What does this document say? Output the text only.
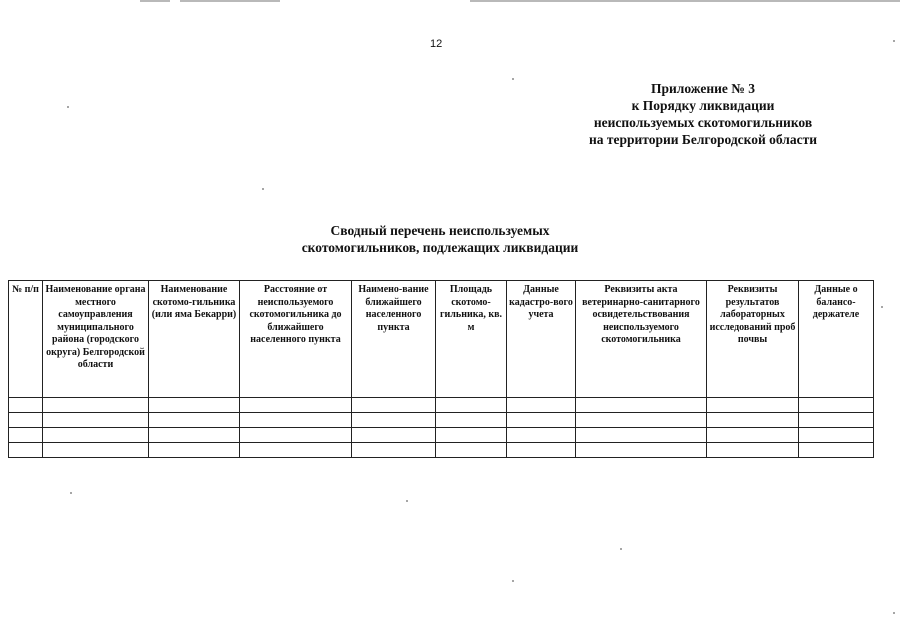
12
Приложение № 3
к Порядку ликвидации
неиспользуемых скотомогильников
на территории Белгородской области
Сводный перечень неиспользуемых
скотомогильников, подлежащих ликвидации
№ п/п	Наименование органа местного самоуправления муниципального района (городского округа) Белгородской области	Наименование скотомо-гильника (или яма Бекарри)	Расстояние от неиспользуемого скотомогильника до ближайшего населенного пункта	Наимено-вание ближайшего населенного пункта	Площадь скотомо-гильника, кв. м	Данные кадастро-вого учета	Реквизиты акта ветеринарно-санитарного освидетельствования неиспользуемого скотомогильника	Реквизиты результатов лабораторных исследований проб почвы	Данные о балансо-держателе
